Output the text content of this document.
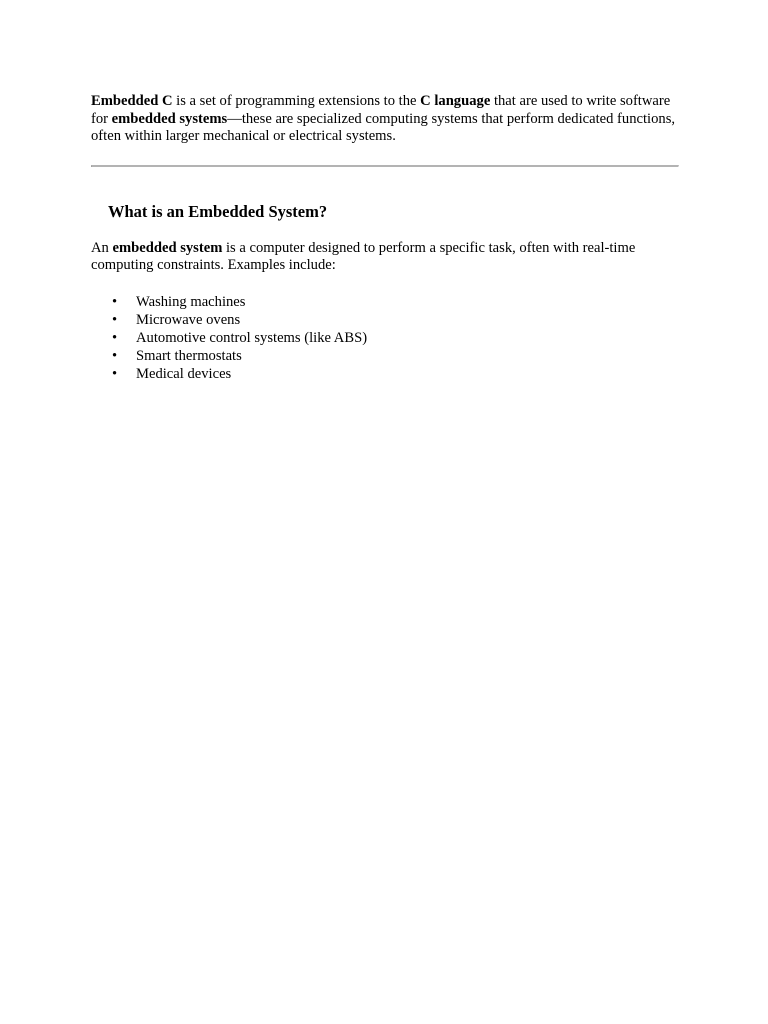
Embedded C is a set of programming extensions to the C language that are used to write software for embedded systems—these are specialized computing systems that perform dedicated functions, often within larger mechanical or electrical systems.

What is an Embedded System?

An embedded system is a computer designed to perform a specific task, often with real-time computing constraints. Examples include:

• Washing machines
• Microwave ovens
• Automotive control systems (like ABS)
• Smart thermostats
• Medical devices
